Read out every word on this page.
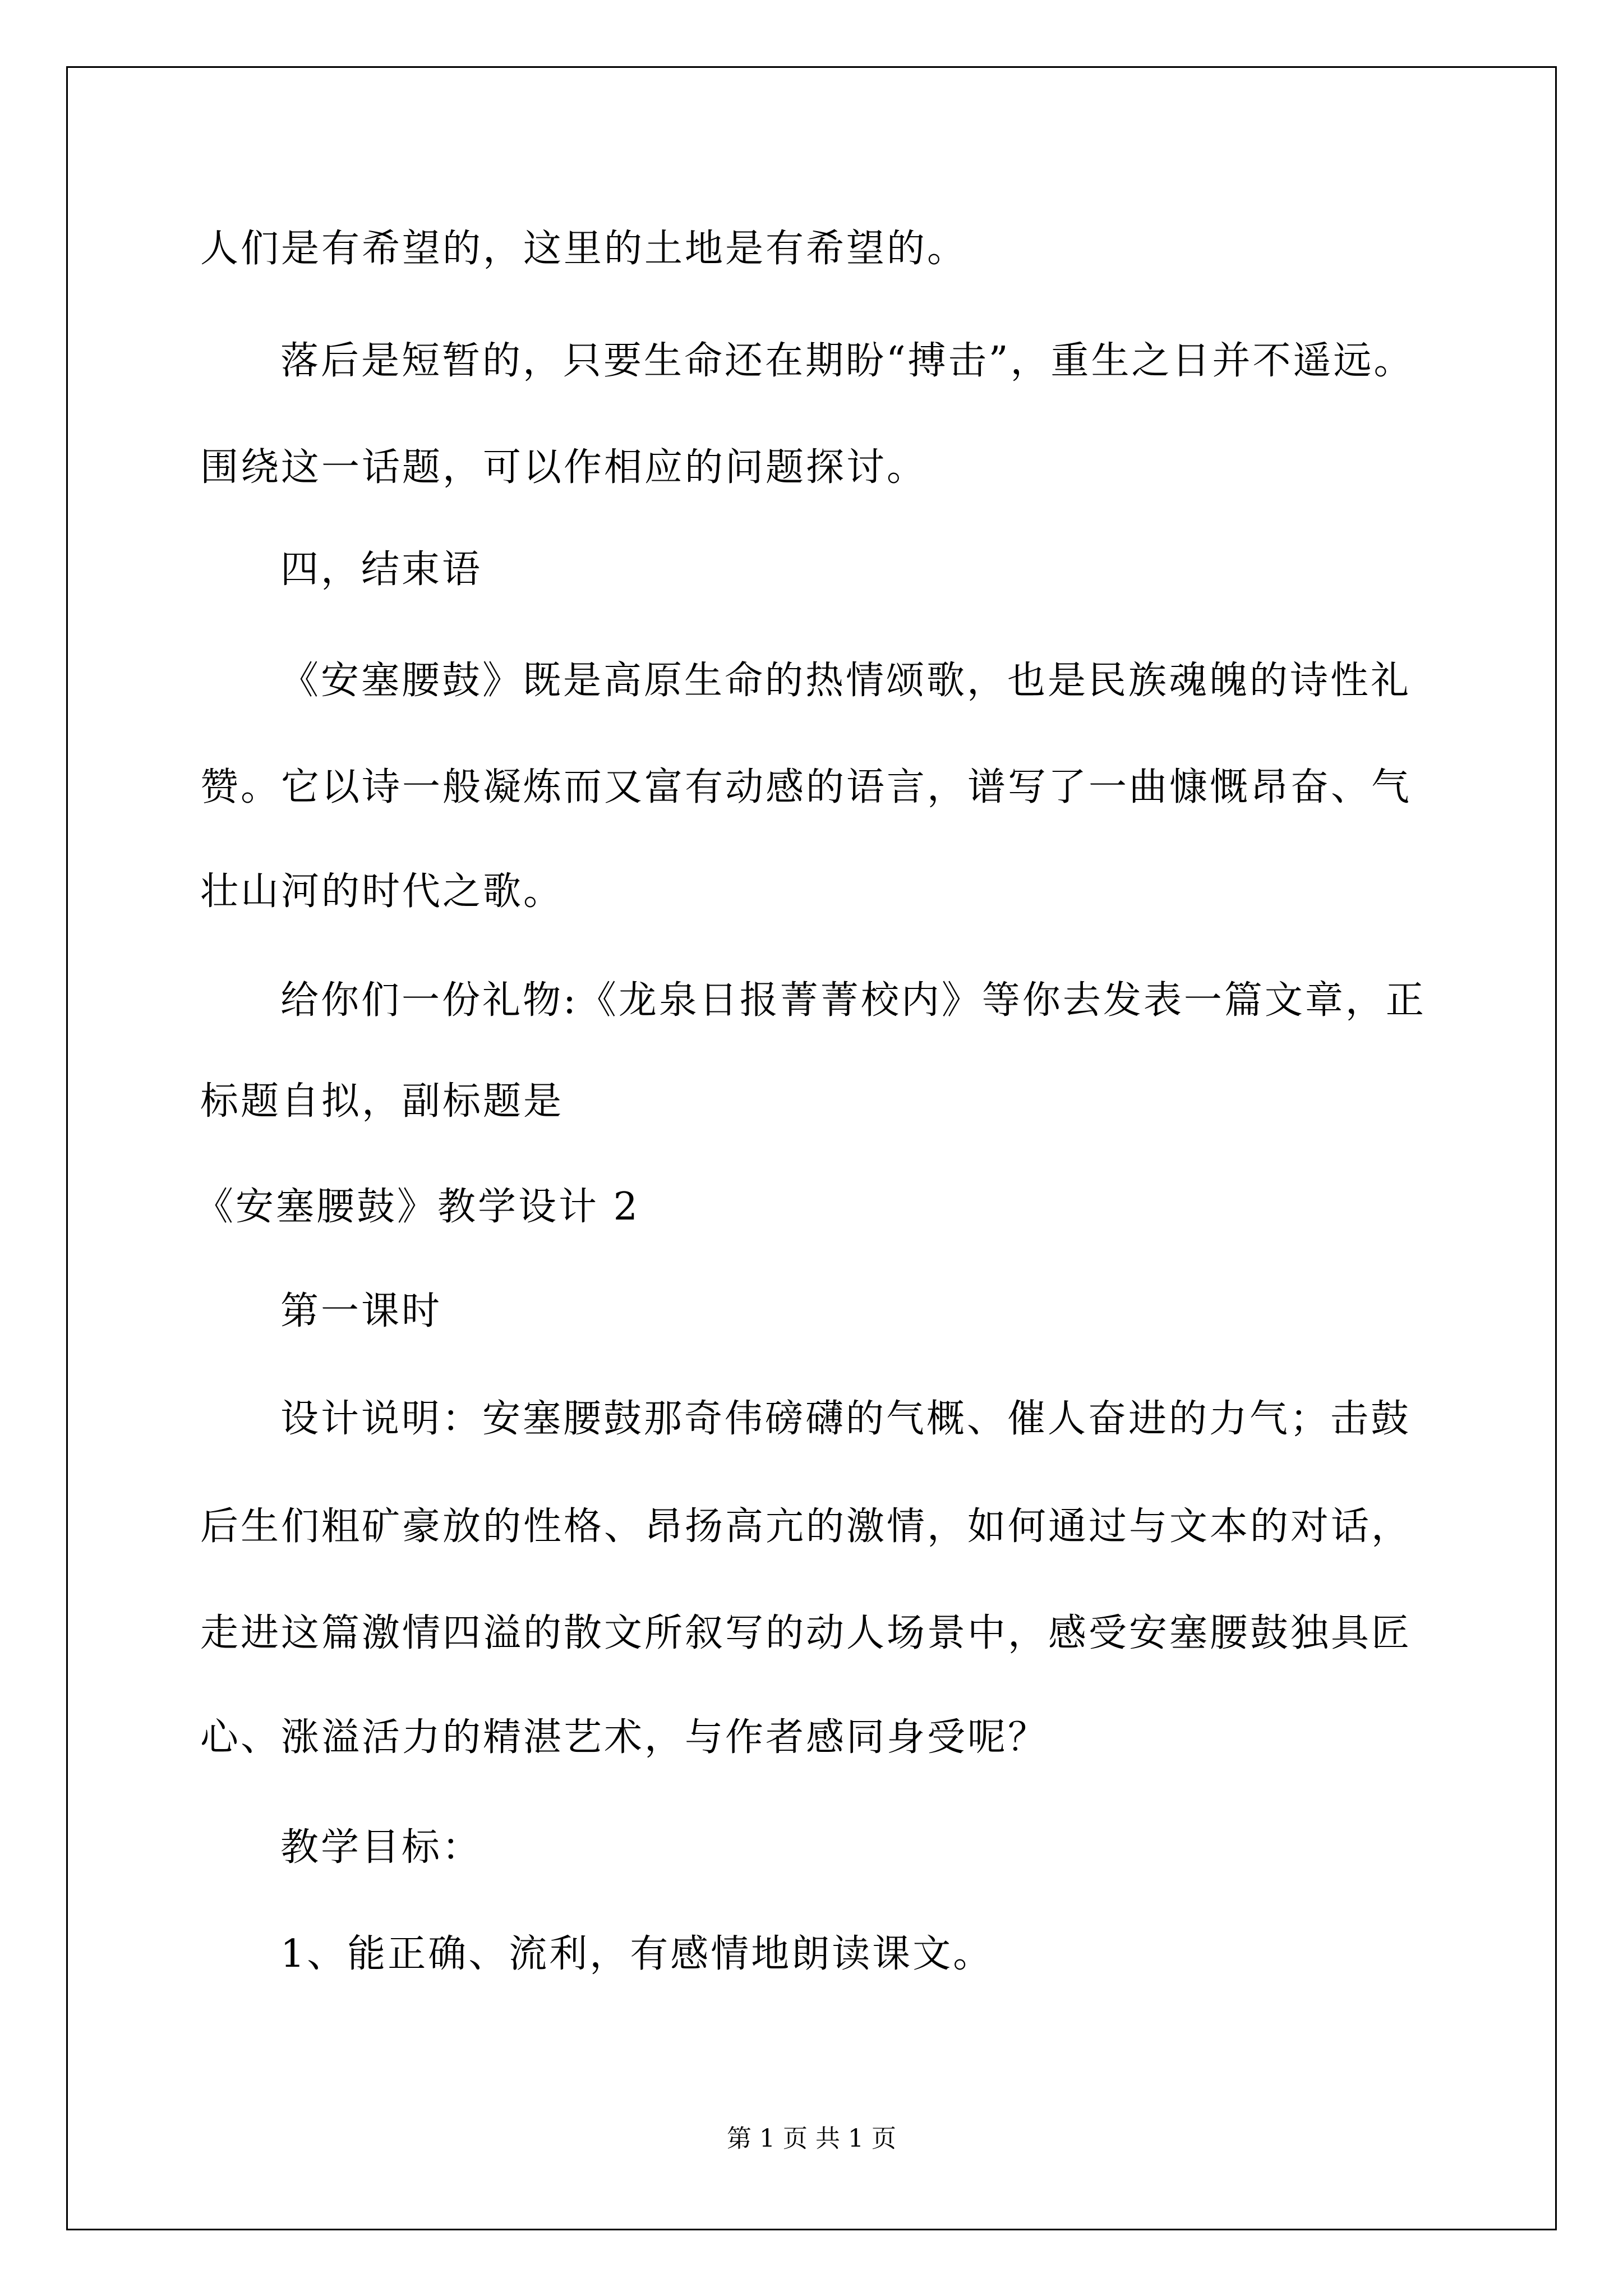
人们是有希望的，这里的土地是有希望的。
落后是短暂的，只要生命还在期盼“搏击”，重生之日并不遥远。
围绕这一话题，可以作相应的问题探讨。
四，结束语
《安塞腰鼓》既是高原生命的热情颂歌，也是民族魂魄的诗性礼
赞。它以诗一般凝炼而又富有动感的语言，谱写了一曲慷慨昂奋、气
壮山河的时代之歌。
给你们一份礼物:《龙泉日报菁菁校内》等你去发表一篇文章，正
标题自拟，副标题是
《安塞腰鼓》教学设计 2
第一课时
设计说明：安塞腰鼓那奇伟磅礴的气概、催人奋进的力气；击鼓
后生们粗矿豪放的性格、昂扬高亢的激情，如何通过与文本的对话，
走进这篇激情四溢的散文所叙写的动人场景中，感受安塞腰鼓独具匠
心、涨溢活力的精湛艺术，与作者感同身受呢？
教学目标：
1、能正确、流利，有感情地朗读课文。
第 1 页 共 1 页
